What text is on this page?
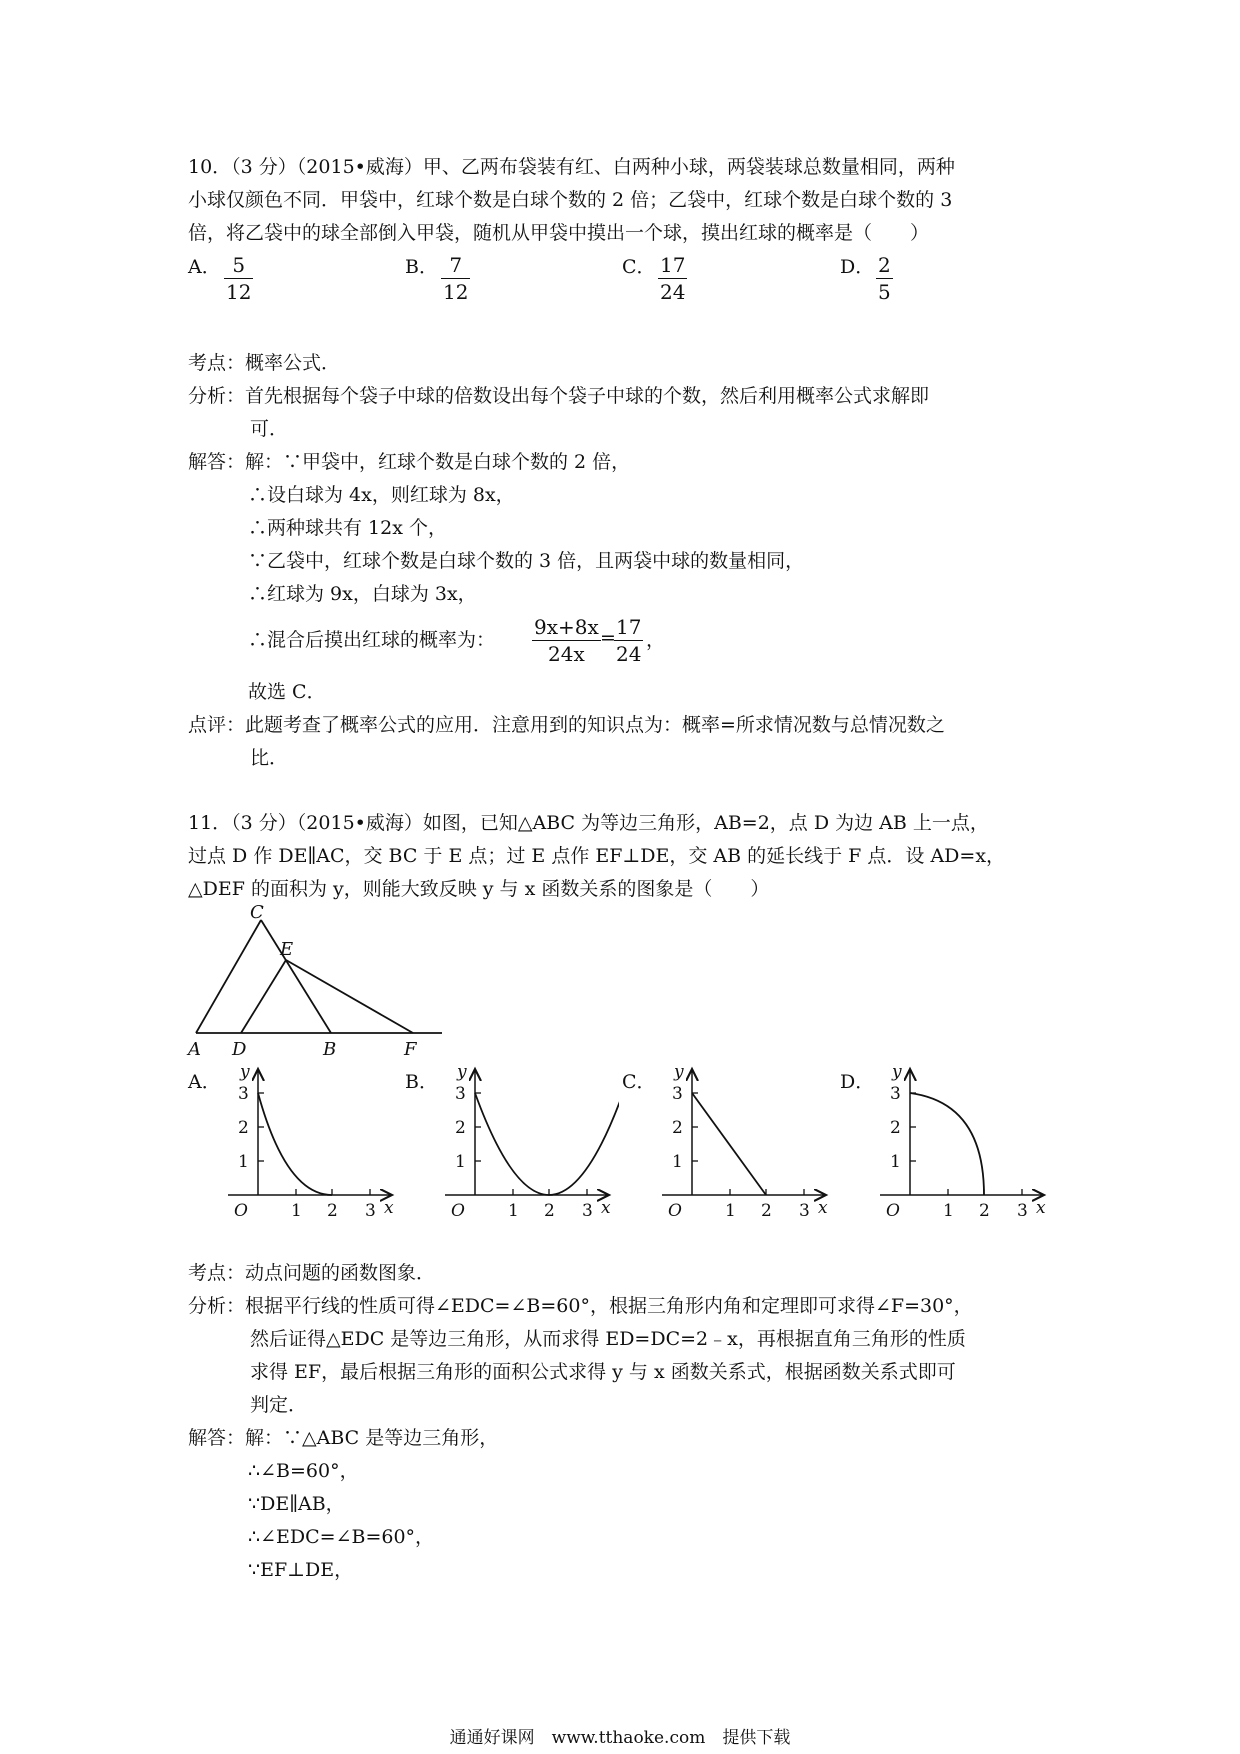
10．（3 分）（2015•威海）甲、乙两布袋装有红、白两种小球，两袋装球总数量相同，两种
小球仅颜色不同．甲袋中，红球个数是白球个数的 2 倍；乙袋中，红球个数是白球个数的 3
倍，将乙袋中的球全部倒入甲袋，随机从甲袋中摸出一个球，摸出红球的概率是（　　）
A． $\frac{5}{12}$	B． $\frac{7}{12}$	C． $\frac{17}{24}$	D． $\frac{2}{5}$
考点：概率公式．
分析：首先根据每个袋子中球的倍数设出每个袋子中球的个数，然后利用概率公式求解即
可．
解答：解：∵甲袋中，红球个数是白球个数的 2 倍，
∴设白球为 4x，则红球为 8x，
∴两种球共有 12x 个，
∵乙袋中，红球个数是白球个数的 3 倍，且两袋中球的数量相同，
∴红球为 9x，白球为 3x，
∴混合后摸出红球的概率为： $\frac{9x+8x}{24x}$ =
$\frac{17}{24}$ ，
故选 C．
点评：此题考查了概率公式的应用．注意用到的知识点为：概率=所求情况数与总情况数之
比．
11．（3 分）（2015•威海）如图，已知△ABC 为等边三角形，AB=2，点 D 为边 AB 上一点，
过点 D 作 DE∥AC，交 BC 于 E 点；过 E 点作 EF⊥DE，交 AB 的延长线于 F 点．设 AD=x，
△DEF 的面积为 y，则能大致反映 y 与 x 函数关系的图象是（　　）
C
E
A D	B	F
A．	B．	C．	D．
y
3
2
1
O	1 2 3 x
y
3
2
1
O	1 2 3 x
y
3
2
1
O	1 2 3 x
y
3
2
1
O	1 2 3 x
考点：动点问题的函数图象．
分析：根据平行线的性质可得∠EDC=∠B=60°，根据三角形内角和定理即可求得∠F=30°，
然后证得△EDC 是等边三角形，从而求得 ED=DC=2﹣x，再根据直角三角形的性质
求得 EF，最后根据三角形的面积公式求得 y 与 x 函数关系式，根据函数关系式即可
判定．
解答：解：∵△ABC 是等边三角形，
∴∠B=60°，
∵DE∥AB，
∴∠EDC=∠B=60°，
∵EF⊥DE，
通通好课网　www.tthaoke.com　提供下载
